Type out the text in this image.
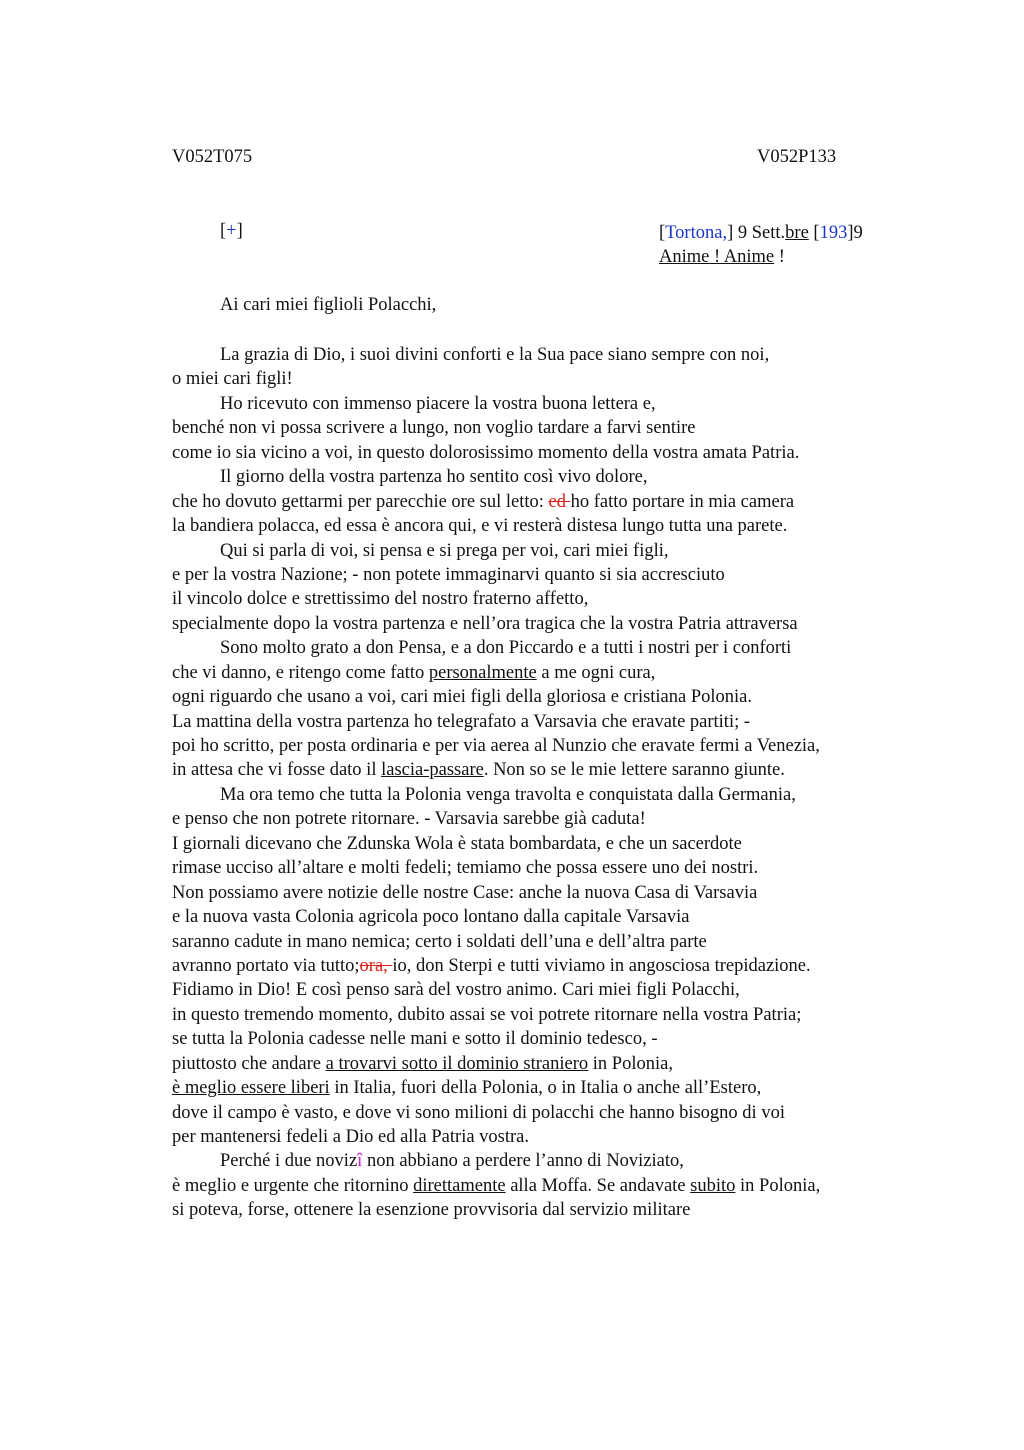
V052T075	V052P133
[+]	[Tortona,] 9 Sett.bre [193]9
Anime ! Anime !
Ai cari miei figlioli Polacchi,
La grazia di Dio, i suoi divini conforti e la Sua pace siano sempre con noi,
o miei cari figli!
Ho ricevuto con immenso piacere la vostra buona lettera e,
benché non vi possa scrivere a lungo, non voglio tardare a farvi sentire
come io sia vicino a voi, in questo dolorosissimo momento della vostra amata Patria.
Il giorno della vostra partenza ho sentito così vivo dolore,
che ho dovuto gettarmi per parecchie ore sul letto: ed ho fatto portare in mia camera
la bandiera polacca, ed essa è ancora qui, e vi resterà distesa lungo tutta una parete.
Qui si parla di voi, si pensa e si prega per voi, cari miei figli,
e per la vostra Nazione; - non potete immaginarvi quanto si sia accresciuto
il vincolo dolce e strettissimo del nostro fraterno affetto,
specialmente dopo la vostra partenza e nell’ora tragica che la vostra Patria attraversa
Sono molto grato a don Pensa, e a don Piccardo e a tutti i nostri per i conforti
che vi danno, e ritengo come fatto personalmente a me ogni cura,
ogni riguardo che usano a voi, cari miei figli della gloriosa e cristiana Polonia.
La mattina della vostra partenza ho telegrafato a Varsavia che eravate partiti; -
poi ho scritto, per posta ordinaria e per via aerea al Nunzio che eravate fermi a Venezia,
in attesa che vi fosse dato il lascia-passare. Non so se le mie lettere saranno giunte.
Ma ora temo che tutta la Polonia venga travolta e conquistata dalla Germania,
e penso che non potrete ritornare. - Varsavia sarebbe già caduta!
I giornali dicevano che Zdunska Wola è stata bombardata, e che un sacerdote
rimase ucciso all’altare e molti fedeli; temiamo che possa essere uno dei nostri.
Non possiamo avere notizie delle nostre Case: anche la nuova Casa di Varsavia
e la nuova vasta Colonia agricola poco lontano dalla capitale Varsavia
saranno cadute in mano nemica; certo i soldati dell’una e dell’altra parte
avranno portato via tutto;ora, io, don Sterpi e tutti viviamo in angosciosa trepidazione.
Fidiamo in Dio! E così penso sarà del vostro animo. Cari miei figli Polacchi,
in questo tremendo momento, dubito assai se voi potrete ritornare nella vostra Patria;
se tutta la Polonia cadesse nelle mani e sotto il dominio tedesco, -
piuttosto che andare a trovarvi sotto il dominio straniero in Polonia,
è meglio essere liberi in Italia, fuori della Polonia, o in Italia o anche all’Estero,
dove il campo è vasto, e dove vi sono milioni di polacchi che hanno bisogno di voi
per mantenersi fedeli a Dio ed alla Patria vostra.
Perché i due novizî non abbiano a perdere l’anno di Noviziato,
è meglio e urgente che ritornino direttamente alla Moffa. Se andavate subito in Polonia,
si poteva, forse, ottenere la esenzione provvisoria dal servizio militare
